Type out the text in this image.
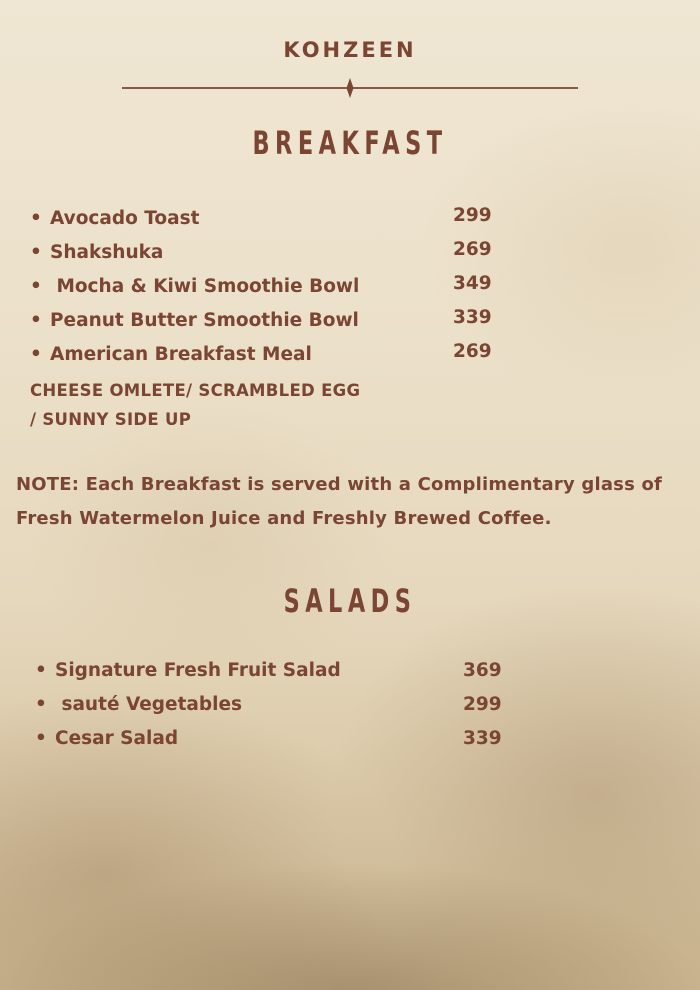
KOHZEEN
BREAKFAST
• Avocado Toast	299
• Shakshuka	269
• Mocha & Kiwi Smoothie Bowl	349
• Peanut Butter Smoothie Bowl	339
• American Breakfast Meal	269
CHEESE OMLETE/ SCRAMBLED EGG
/ SUNNY SIDE UP
NOTE: Each Breakfast is served with a Complimentary glass of Fresh Watermelon Juice and Freshly Brewed Coffee.
SALADS
• Signature Fresh Fruit Salad	369
• sauté Vegetables	299
• Cesar Salad	339
